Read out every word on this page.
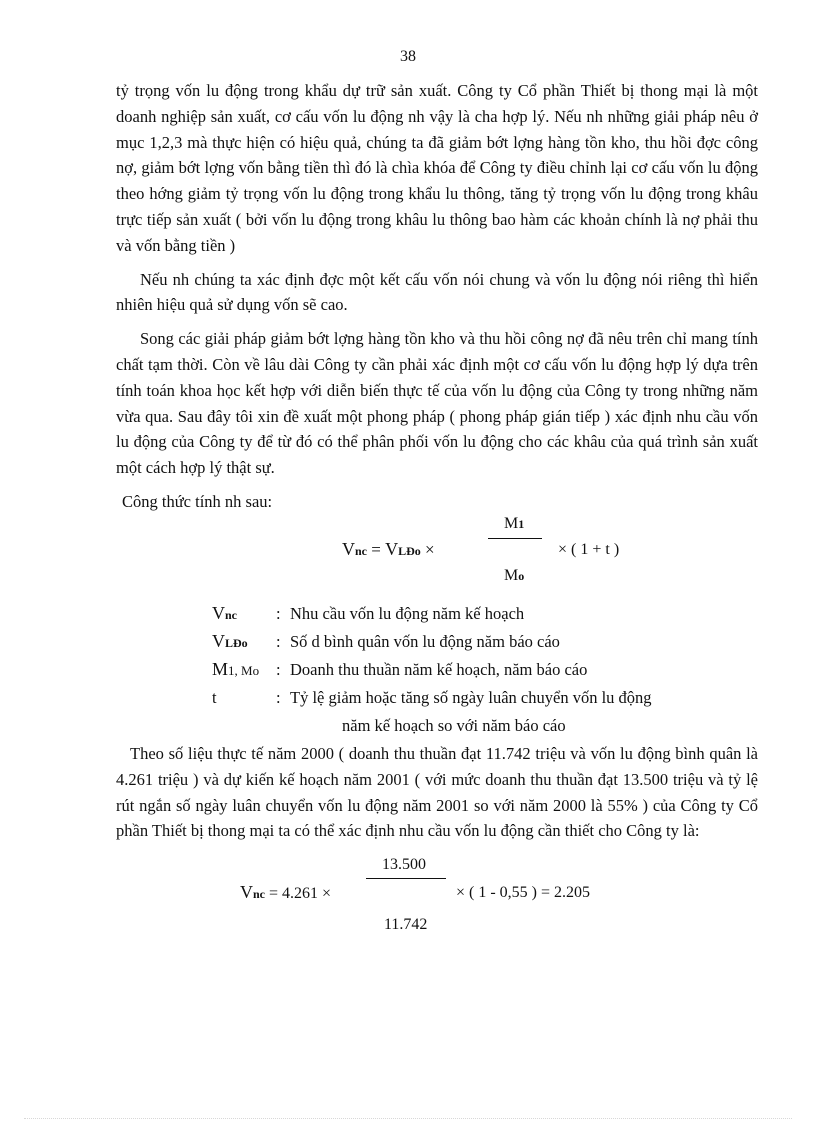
38

tỷ trọng vốn lu động trong khẩu dự trữ sản xuất. Công ty Cổ phần Thiết bị thong mại là một doanh nghiệp sản xuất, cơ cấu vốn lu động nh vậy là cha hợp lý. Nếu nh những giải pháp nêu ở mục 1,2,3 mà thực hiện có hiệu quả, chúng ta đã giảm bớt lợng hàng tồn kho, thu hồi đợc công nợ, giảm bớt lợng vốn bằng tiền thì đó là chìa khóa để Công ty điều chỉnh lại cơ cấu vốn lu động theo hớng giảm tỷ trọng vốn lu động trong khẩu lu thông, tăng tỷ trọng vốn lu động trong khâu trực tiếp sản xuất ( bởi vốn lu động trong khâu lu thông bao hàm các khoản chính là nợ phải thu và vốn bằng tiền )

Nếu nh chúng ta xác định đợc một kết cấu vốn nói chung và vốn lu động nói riêng thì hiển nhiên hiệu quả sử dụng vốn sẽ cao.

Song các giải pháp giảm bớt lợng hàng tồn kho và thu hồi công nợ đã nêu trên chỉ mang tính chất tạm thời. Còn về lâu dài Công ty cần phải xác định một cơ cấu vốn lu động hợp lý dựa trên tính toán khoa học kết hợp với diễn biến thực tế của vốn lu động của Công ty trong những năm vừa qua. Sau đây tôi xin đề xuất một phong pháp ( phong pháp gián tiếp ) xác định nhu cầu vốn lu động của Công ty để từ đó có thể phân phối vốn lu động cho các khâu của quá trình sản xuất một cách hợp lý thật sự.

Công thức tính nh sau:
Vnc = VLĐo ×
M1
Mo
× ( 1 + t )
Vnc	: Nhu cầu vốn lu động năm kế hoạch
VLĐo	: Số d bình quân vốn lu động năm báo cáo
M1, Mo	: Doanh thu thuần năm kế hoạch, năm báo cáo
t	: Tỷ lệ giảm hoặc tăng số ngày luân chuyển vốn lu động
năm kế hoạch so với năm báo cáo

Theo số liệu thực tế năm 2000 ( doanh thu thuần đạt 11.742 triệu và vốn lu động bình quân là 4.261 triệu ) và dự kiến kế hoạch năm 2001 ( với mức doanh thu thuần đạt 13.500 triệu và tỷ lệ rút ngắn số ngày luân chuyển vốn lu động năm 2001 so với năm 2000 là 55% ) của Công ty Cổ phần Thiết bị thong mại ta có thể xác định nhu cầu vốn lu động cần thiết cho Công ty là:

Vnc = 4.261 ×
13.500
11.742
× ( 1 - 0,55 ) = 2.205
